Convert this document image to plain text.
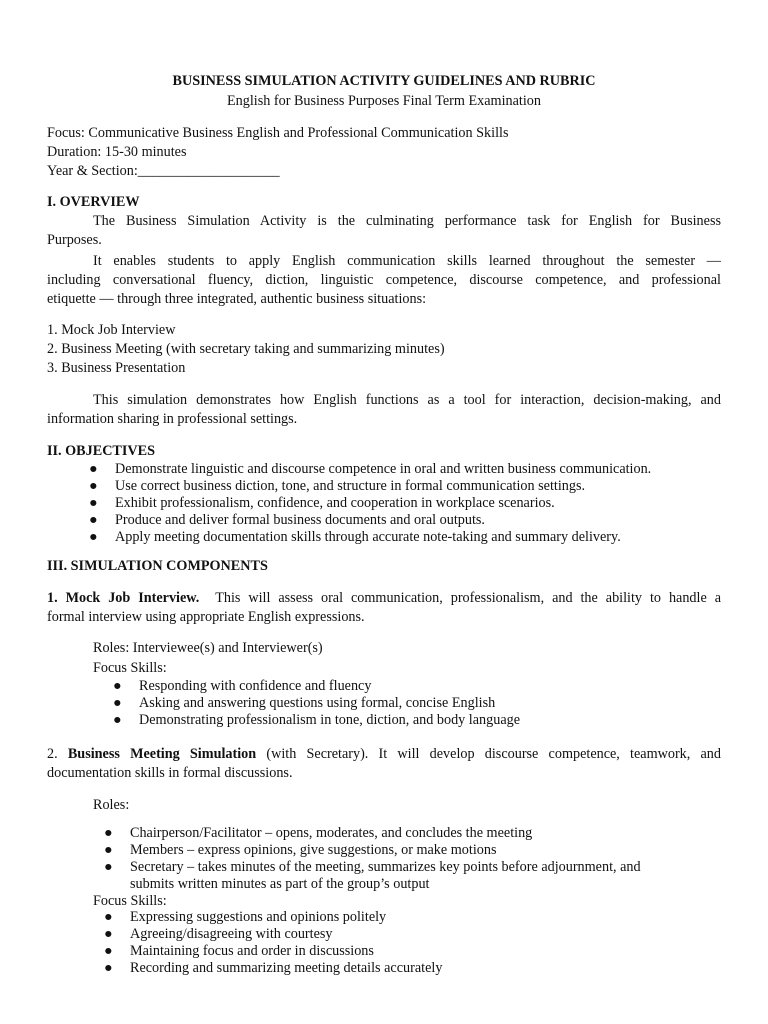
BUSINESS SIMULATION ACTIVITY GUIDELINES AND RUBRIC
English for Business Purposes Final Term Examination
Focus: Communicative Business English and Professional Communication Skills
Duration: 15-30 minutes
Year & Section:____________________
I. OVERVIEW
The Business Simulation Activity is the culminating performance task for English for Business
Purposes.
It enables students to apply English communication skills learned throughout the semester —
including conversational fluency, diction, linguistic competence, discourse competence, and professional
etiquette — through three integrated, authentic business situations:
1. Mock Job Interview
2. Business Meeting (with secretary taking and summarizing minutes)
3. Business Presentation
This simulation demonstrates how English functions as a tool for interaction, decision-making, and
information sharing in professional settings.
II. OBJECTIVES
● Demonstrate linguistic and discourse competence in oral and written business communication.
● Use correct business diction, tone, and structure in formal communication settings.
● Exhibit professionalism, confidence, and cooperation in workplace scenarios.
● Produce and deliver formal business documents and oral outputs.
● Apply meeting documentation skills through accurate note-taking and summary delivery.
III. SIMULATION COMPONENTS
1. Mock Job Interview. This will assess oral communication, professionalism, and the ability to handle a
formal interview using appropriate English expressions.
Roles: Interviewee(s) and Interviewer(s)
Focus Skills:
● Responding with confidence and fluency
● Asking and answering questions using formal, concise English
● Demonstrating professionalism in tone, diction, and body language
2. Business Meeting Simulation (with Secretary). It will develop discourse competence, teamwork, and
documentation skills in formal discussions.
Roles:
● Chairperson/Facilitator – opens, moderates, and concludes the meeting
● Members – express opinions, give suggestions, or make motions
● Secretary – takes minutes of the meeting, summarizes key points before adjournment, and
submits written minutes as part of the group’s output
Focus Skills:
● Expressing suggestions and opinions politely
● Agreeing/disagreeing with courtesy
● Maintaining focus and order in discussions
● Recording and summarizing meeting details accurately
